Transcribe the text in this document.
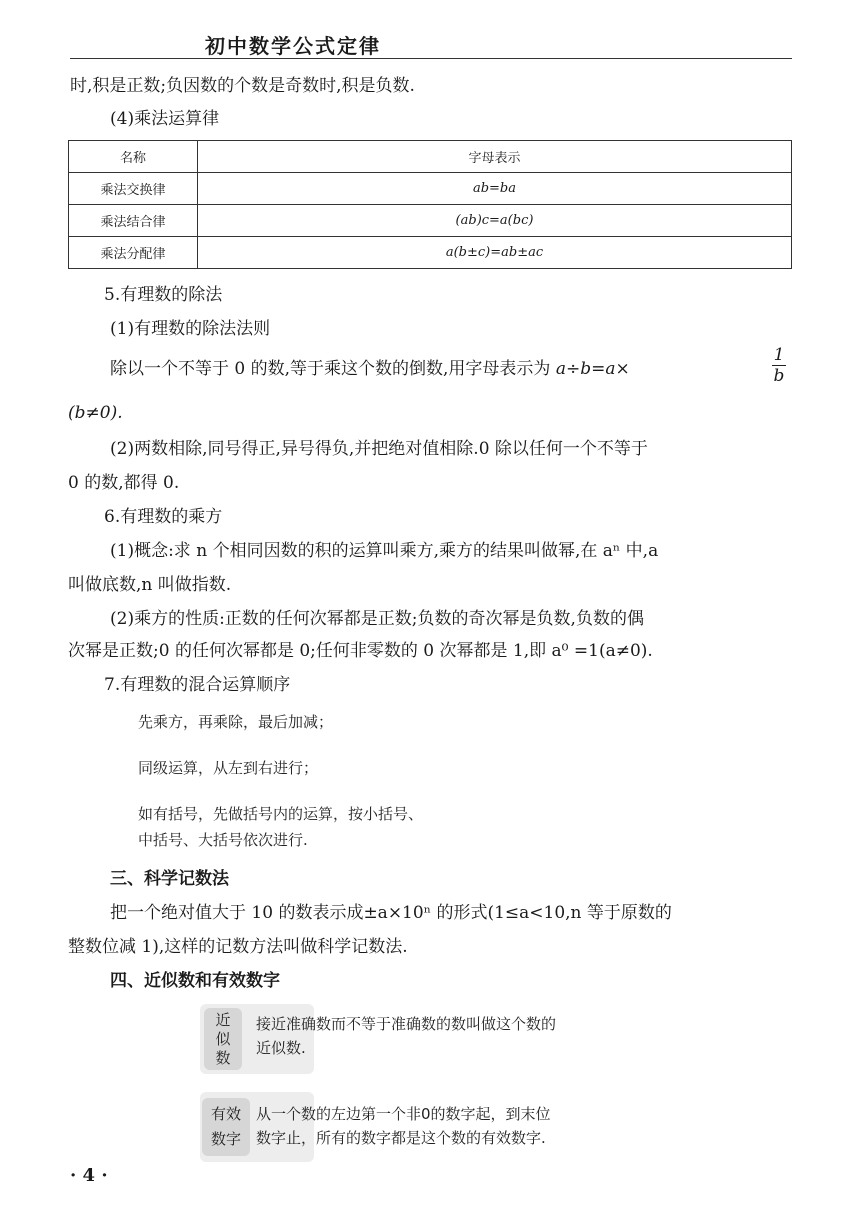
初中数学公式定律
时,积是正数;负因数的个数是奇数时,积是负数.
(4)乘法运算律
名称	字母表示
乘法交换律	ab=ba
乘法结合律	(ab)c=a(bc)
乘法分配律	a(b±c)=ab±ac
5.有理数的除法
(1)有理数的除法法则
除以一个不等于 0 的数,等于乘这个数的倒数,用字母表示为 a÷b=a×	$\frac{1}{b}$
(b≠0).
(2)两数相除,同号得正,异号得负,并把绝对值相除.0 除以任何一个不等于
0 的数,都得 0.
6.有理数的乘方
(1)概念:求 n 个相同因数的积的运算叫乘方,乘方的结果叫做幂,在 aⁿ 中,a
叫做底数,n 叫做指数.
(2)乘方的性质:正数的任何次幂都是正数;负数的奇次幂是负数,负数的偶
次幂是正数;0 的任何次幂都是 0;任何非零数的 0 次幂都是 1,即 a⁰ =1(a≠0).
7.有理数的混合运算顺序
先乘方，再乘除，最后加减；
同级运算，从左到右进行；
如有括号，先做括号内的运算，按小括号、
中括号、大括号依次进行.
三、科学记数法
把一个绝对值大于 10 的数表示成±a×10ⁿ 的形式(1≤a<10,n 等于原数的
整数位减 1),这样的记数方法叫做科学记数法.
四、近似数和有效数字
近
似
数
接近准确数而不等于准确数的数叫做这个数的
近似数.
有效
数字
从一个数的左边第一个非0的数字起，到末位
数字止，所有的数字都是这个数的有效数字.
· 4 ·
